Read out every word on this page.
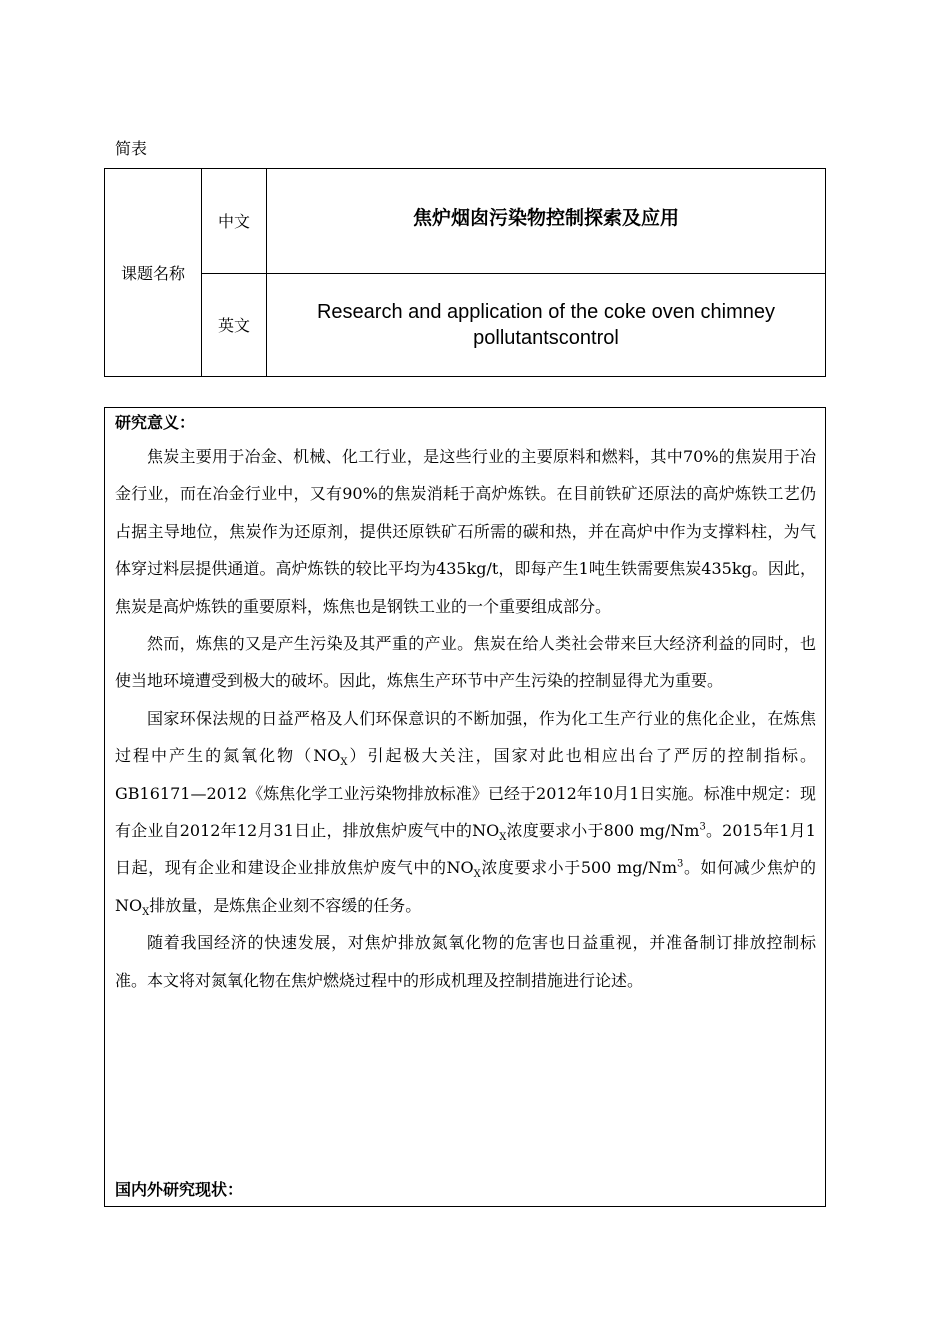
简表
课题名称	中文	焦炉烟囱污染物控制探索及应用
	英文	Research and application of the coke oven chimney pollutantscontrol

研究意义：

焦炭主要用于冶金、机械、化工行业，是这些行业的主要原料和燃料，其中70%的焦炭用于冶金行业，而在冶金行业中，又有90%的焦炭消耗于高炉炼铁。在目前铁矿还原法的高炉炼铁工艺仍占据主导地位，焦炭作为还原剂，提供还原铁矿石所需的碳和热，并在高炉中作为支撑料柱，为气体穿过料层提供通道。高炉炼铁的较比平均为435kg/t，即每产生1吨生铁需要焦炭435kg。因此，焦炭是高炉炼铁的重要原料，炼焦也是钢铁工业的一个重要组成部分。

然而，炼焦的又是产生污染及其严重的产业。焦炭在给人类社会带来巨大经济利益的同时，也使当地环境遭受到极大的破坏。因此，炼焦生产环节中产生污染的控制显得尤为重要。

国家环保法规的日益严格及人们环保意识的不断加强，作为化工生产行业的焦化企业，在炼焦过程中产生的氮氧化物$(NO_X)$引起极大关注，国家对此也相应出台了严厉的控制指标。GB16171—2012《炼焦化学工业污染物排放标准》已经于2012年10月1日实施。标准中规定：现有企业自2012年12月31日止，排放焦炉废气中的$NO_X$浓度要求小于800 mg/Nm$^3$。2015年1月1日起，现有企业和建设企业排放焦炉废气中的$NO_X$浓度要求小于500 mg/Nm$^3$。如何减少焦炉的$NO_X$排放量，是炼焦企业刻不容缓的任务。

随着我国经济的快速发展，对焦炉排放氮氧化物的危害也日益重视，并准备制订排放控制标准。本文将对氮氧化物在焦炉燃烧过程中的形成机理及控制措施进行论述。

国内外研究现状：
